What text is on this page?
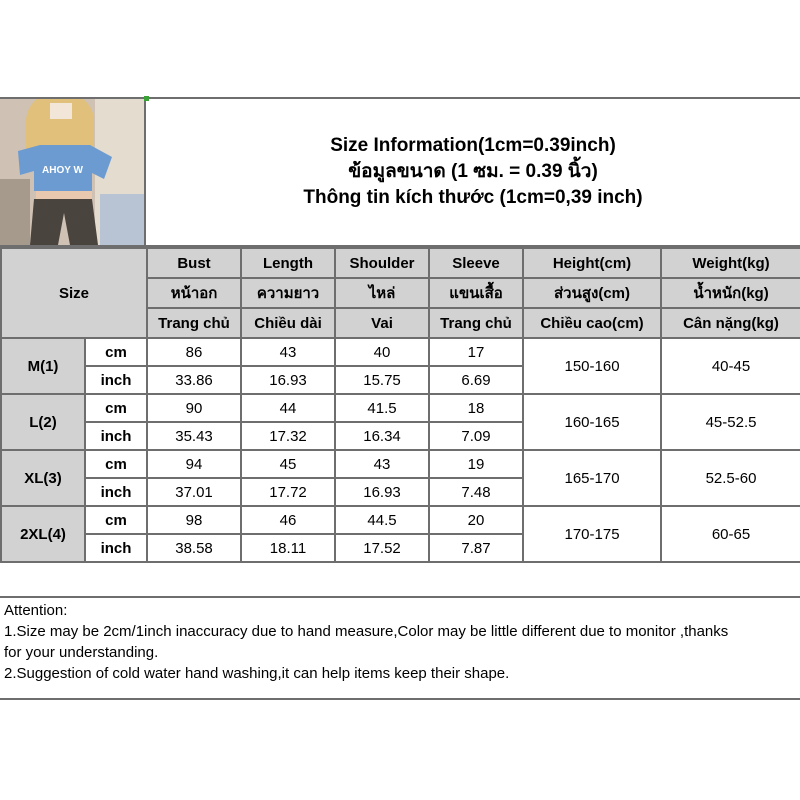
AHOY W
Size Information(1cm=0.39inch)
ข้อมูลขนาด (1 ซม. = 0.39 นิ้ว)
Thông tin kích thước (1cm=0,39 inch)
Size		Bust	Length	Shoulder	Sleeve	Height(cm)	Weight(kg)
		หน้าอก	ความยาว	ไหล่	แขนเสื้อ	ส่วนสูง(cm)	น้ำหนัก(kg)
		Trang chủ	Chiều dài	Vai	Trang chủ	Chiều cao(cm)	Cân nặng(kg)
M(1)	cm	86	43	40	17	150-160	40-45
	inch	33.86	16.93	15.75	6.69		
L(2)	cm	90	44	41.5	18	160-165	45-52.5
	inch	35.43	17.32	16.34	7.09		
XL(3)	cm	94	45	43	19	165-170	52.5-60
	inch	37.01	17.72	16.93	7.48		
2XL(4)	cm	98	46	44.5	20	170-175	60-65
	inch	38.58	18.11	17.52	7.87		
Attention:
1.Size may be 2cm/1inch inaccuracy due to hand measure,Color may be little different due to monitor ,thanks
for your understanding.
2.Suggestion of cold water hand washing,it can help items keep their shape.
